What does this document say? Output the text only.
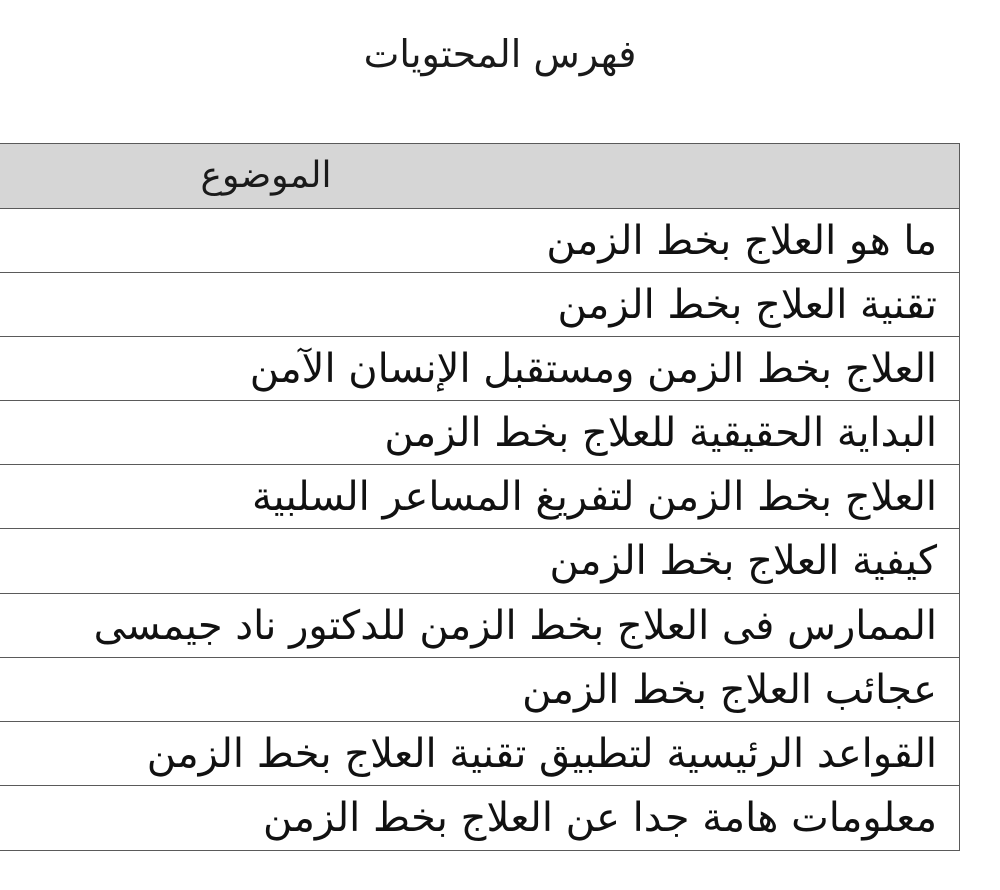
فهرس المحتويات
الموضوع
ما هو العلاج بخط الزمن
تقنية العلاج بخط الزمن
العلاج بخط الزمن ومستقبل الإنسان الآمن
البداية الحقيقية للعلاج بخط الزمن
العلاج بخط الزمن لتفريغ المساعر السلبية
كيفية العلاج بخط الزمن
الممارس فى العلاج بخط الزمن للدكتور ناد جيمسى
عجائب العلاج بخط الزمن
القواعد الرئيسية لتطبيق تقنية العلاج بخط الزمن
معلومات هامة جدا عن العلاج بخط الزمن
